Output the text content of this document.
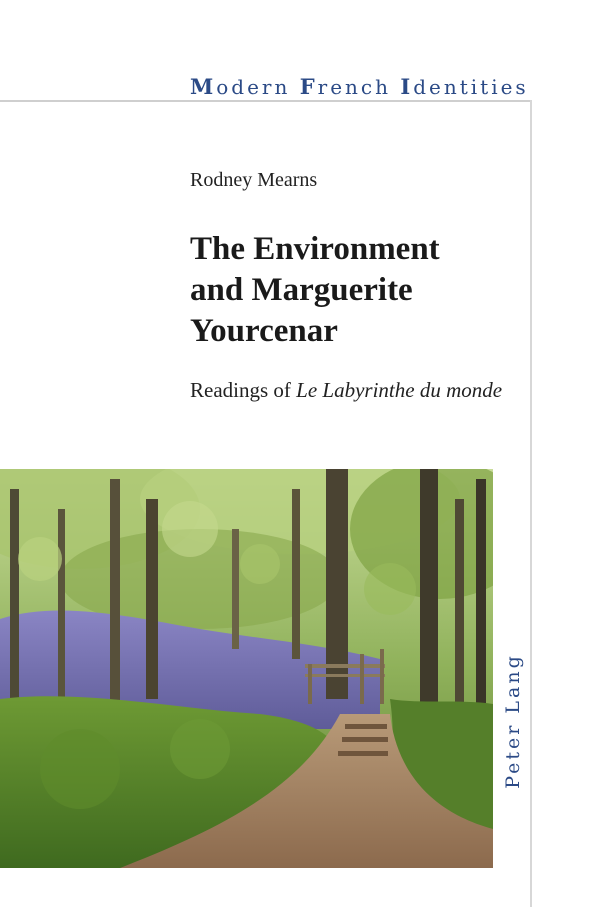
Modern French Identities
Rodney Mearns
The Environment
and Marguerite
Yourcenar
Readings of Le Labyrinthe du monde
Peter Lang
